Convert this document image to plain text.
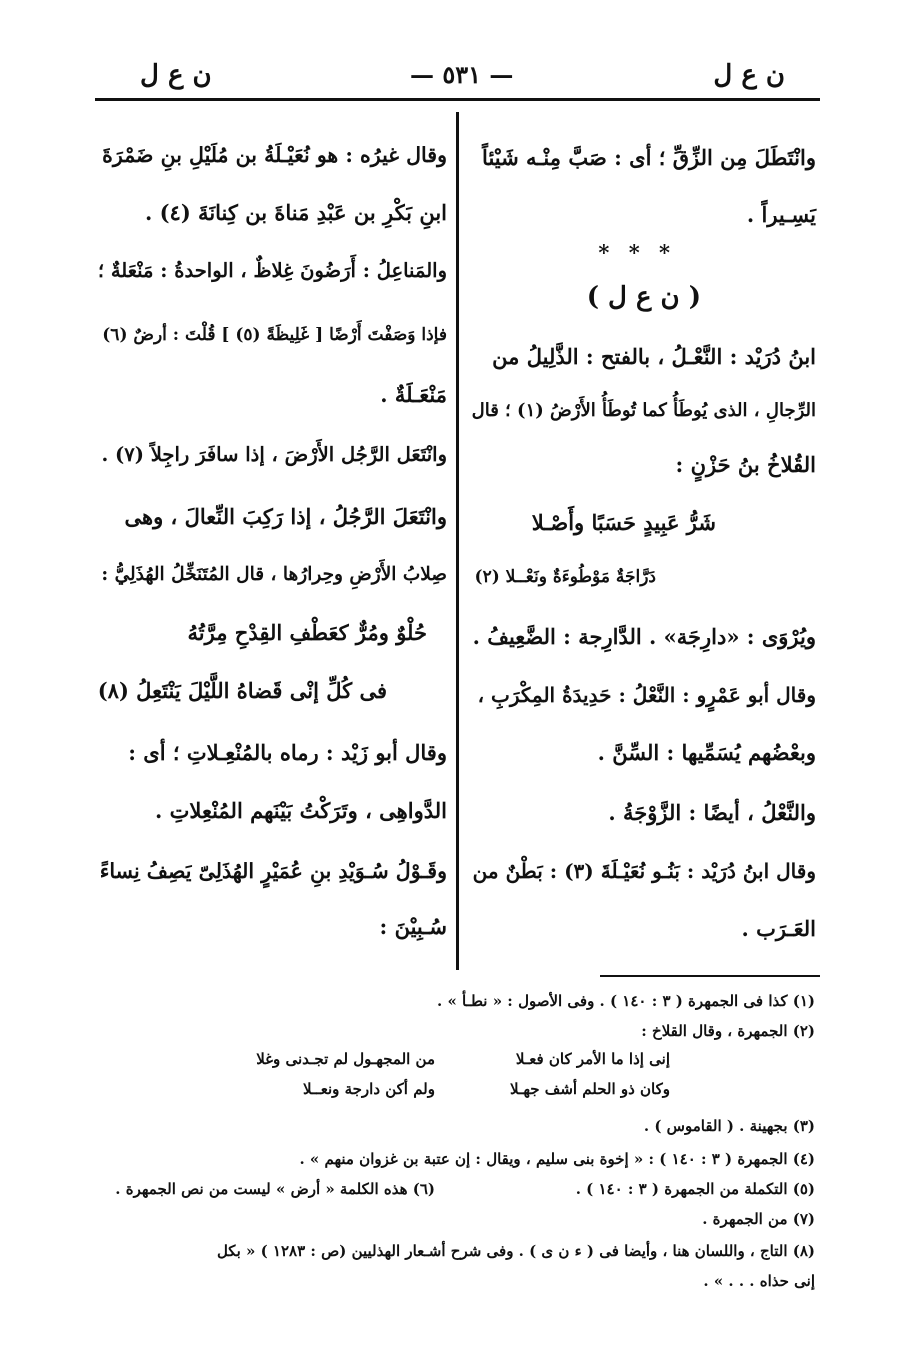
ن ع ل
— ٥٣١ —
ن ع ل
وانْتَطَلَ مِن الزِّقِّ ؛ أى : صَبَّ مِنْـه شَيْئاً
يَسِـيراً .
* * *
( ن ع ل )
ابنُ دُرَيْد : النَّعْـلُ ، بالفتح : الذَّلِيلُ من
الرِّجالِ ، الذى يُوطَأُ كما تُوطَأُ الأَرْضُ (١) ؛ قال
القُلاخُ بنُ حَزْنٍ :
شَرُّ عَبِيدٍ حَسَبًا وأَصْـلا
دَرَّاجَةٌ مَوْطُوءَةٌ ونَعْــلا (٢)
ويُرْوَى : «دارِجَة» . الدَّارِجة : الضَّعِيفُ .
وقال أبو عَمْرٍو : النَّعْلُ : حَدِيدَةُ المِكْرَبِ ،
وبعْضُهم يُسَمِّيها : السِّنَّ .
والنَّعْلُ ، أيضًا : الزَّوْجَةُ .
وقال ابنُ دُرَيْد : بَنُـو نُعَيْـلَةَ (٣) : بَطْنٌ من
العَـرَب .
وقال غيرُه : هو نُعَيْـلَةُ بن مُلَيْلِ بنِ ضَمْرَةَ
ابنِ بَكْرِ بن عَبْدِ مَناةَ بن كِنانَةَ (٤) .
والمَناعِلُ : أَرَضُونَ غِلاظٌ ، الواحدةُ : مَنْعَلةٌ ؛
فإذا وَصَفْتَ أَرْضًا [ غَلِيظَةً (٥) ] قُلْتَ : أرضٌ (٦)
مَنْعَـلَةٌ .
وانْتَعَل الرَّجُل الأَرْضَ ، إذا سافَرَ راجِلاً (٧) .
وانْتَعَلَ الرَّجُلُ ، إذا رَكِبَ النِّعالَ ، وهى
صِلابُ الأَرْضِ وحِرارُها ، قال المُتَنَخِّلُ الهُذَلِيُّ :
حُلْوٌ ومُرٌّ كعَطْفِ القِدْحِ مِرَّتُهُ
فى كُلِّ إنْى قَضاهُ اللَّيْلَ يَنْتَعِلُ (٨)
وقال أبو زَيْد : رماه بالمُنْعِـلاتِ ؛ أى :
الدَّواهِى ، وتَرَكْتُ بَيْنَهم المُنْعِلاتِ .
وقَـوْلُ سُـوَيْدِ بنِ عُمَيْرٍ الهُذَلِىّ يَصِفُ نِساءً
سُـبِيْنَ :
(١) كذا فى الجمهرة ( ٣ : ١٤٠ ) . وفى الأصول : « نطـأ » .
(٢) الجمهرة ، وقال القلاخ :
إنى إذا ما الأمر كان فعـلا
من المجهـول لم تجـدنى وغلا
وكان ذو الحلم أشف جهـلا
ولم أكن دارجة ونعــلا
(٣) بجهينة . ( القاموس ) .
(٤) الجمهرة ( ٣ : ١٤٠ ) : « إخوة بنى سليم ، ويقال : إن عتبة بن غزوان منهم » .
(٥) التكملة من الجمهرة ( ٣ : ١٤٠ ) .
(٦) هذه الكلمة « أرض » ليست من نص الجمهرة .
(٧) من الجمهرة .
(٨) التاج ، واللسان هنا ، وأيضا فى ( ء ن ى ) . وفى شرح أشـعار الهذليين (ص : ١٢٨٣ ) « بكل
إنى حذاه . . . » .
